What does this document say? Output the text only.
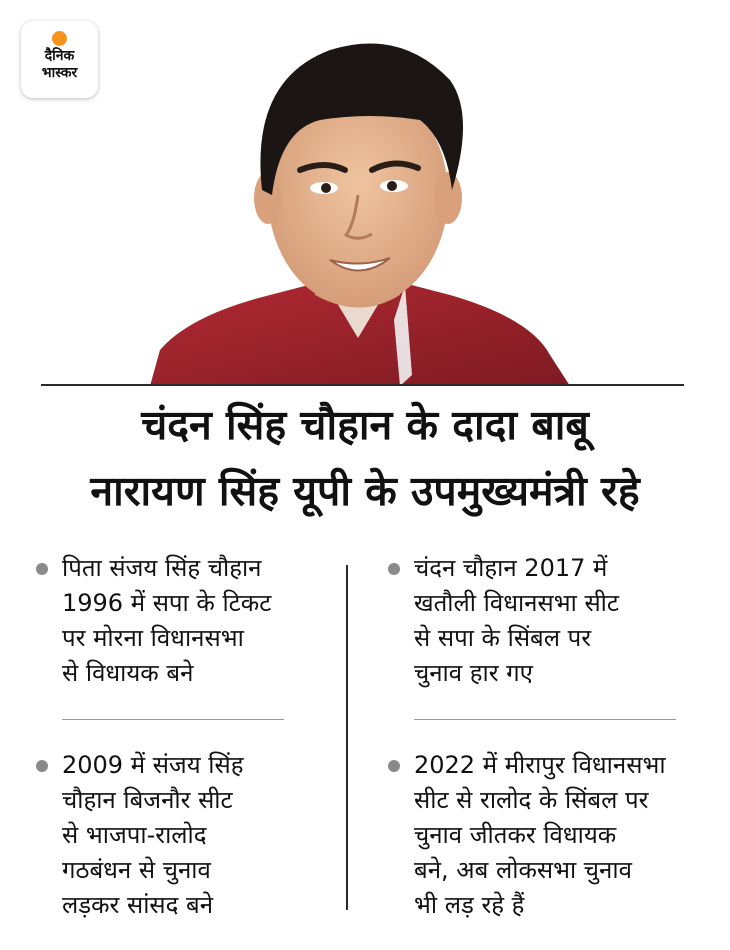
दैनिक
भास्कर
चंदन सिंह चौहान के दादा बाबू
नारायण सिंह यूपी के उपमुख्यमंत्री रहे
पिता संजय सिंह चौहान
1996 में सपा के टिकट
पर मोरना विधानसभा
से विधायक बने
2009 में संजय सिंह
चौहान बिजनौर सीट
से भाजपा-रालोद
गठबंधन से चुनाव
लड़कर सांसद बने
चंदन चौहान 2017 में
खतौली विधानसभा सीट
से सपा के सिंबल पर
चुनाव हार गए
2022 में मीरापुर विधानसभा
सीट से रालोद के सिंबल पर
चुनाव जीतकर विधायक
बने, अब लोकसभा चुनाव
भी लड़ रहे हैं
